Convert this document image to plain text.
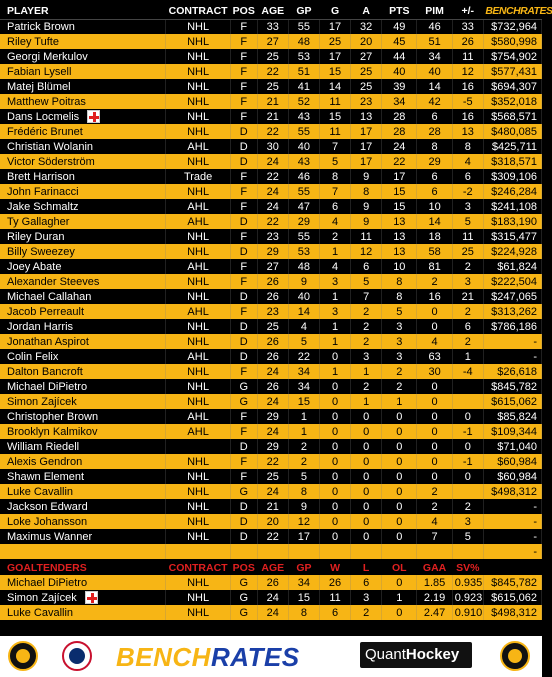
PLAYER	CONTRACT	POS	AGE	GP	G	A	PTS	PIM	+/-	BENCHRATES
Patrick Brown	NHL	F	33	55	17	32	49	46	33	$732,964
Riley Tufte	NHL	F	27	48	25	20	45	51	26	$580,998
Georgi Merkulov	NHL	F	25	53	17	27	44	34	11	$754,902
Fabian Lysell	NHL	F	22	51	15	25	40	40	12	$577,431
Matej Blümel	NHL	F	25	41	14	25	39	14	16	$694,307
Matthew Poitras	NHL	F	21	52	11	23	34	42	-5	$352,018
Dans Locmelis	NHL	F	21	43	15	13	28	6	16	$568,571
Frédéric Brunet	NHL	D	22	55	11	17	28	28	13	$480,085
Christian Wolanin	AHL	D	30	40	7	17	24	8	8	$425,711
Victor Söderström	NHL	D	24	43	5	17	22	29	4	$318,571
Brett Harrison	Trade	F	22	46	8	9	17	6	6	$309,106
John Farinacci	NHL	F	24	55	7	8	15	6	-2	$246,284
Jake Schmaltz	AHL	F	24	47	6	9	15	10	3	$241,108
Ty Gallagher	AHL	D	22	29	4	9	13	14	5	$183,190
Riley Duran	NHL	F	23	55	2	11	13	18	11	$315,477
Billy Sweezey	NHL	D	29	53	1	12	13	58	25	$224,928
Joey Abate	AHL	F	27	48	4	6	10	81	2	$61,824
Alexander Steeves	NHL	F	26	9	3	5	8	2	3	$222,504
Michael Callahan	NHL	D	26	40	1	7	8	16	21	$247,065
Jacob Perreault	AHL	F	23	14	3	2	5	0	2	$313,262
Jordan Harris	NHL	D	25	4	1	2	3	0	6	$786,186
Jonathan Aspirot	NHL	D	26	5	1	2	3	4	2	-
Colin Felix	AHL	D	26	22	0	3	3	63	1	-
Dalton Bancroft	NHL	F	24	34	1	1	2	30	-4	$26,618
Michael DiPietro	NHL	G	26	34	0	2	2	0		$845,782
Simon Zajícek	NHL	G	24	15	0	1	1	0		$615,062
Christopher Brown	AHL	F	29	1	0	0	0	0	0	$85,824
Brooklyn Kalmikov	AHL	F	24	1	0	0	0	0	-1	$109,344
William Riedell		D	29	2	0	0	0	0	0	$71,040
Alexis Gendron	NHL	F	22	2	0	0	0	0	-1	$60,984
Shawn Element	NHL	F	25	5	0	0	0	0	0	$60,984
Luke Cavallin	NHL	G	24	8	0	0	0	2		$498,312
Jackson Edward	NHL	D	21	9	0	0	0	2	2	-
Loke Johansson	NHL	D	20	12	0	0	0	4	3	-
Maximus Wanner	NHL	D	22	17	0	0	0	7	5	-
										-
GOALTENDERS	CONTRACT	POS	AGE	GP	W	L	OL	GAA	SV%	
Michael DiPietro	NHL	G	26	34	26	6	0	1.85	0.935	$845,782
Simon Zajícek	NHL	G	24	15	11	3	1	2.19	0.923	$615,062
Luke Cavallin	NHL	G	24	8	6	2	0	2.47	0.910	$498,312
BENCHRATES	QuantHockey
